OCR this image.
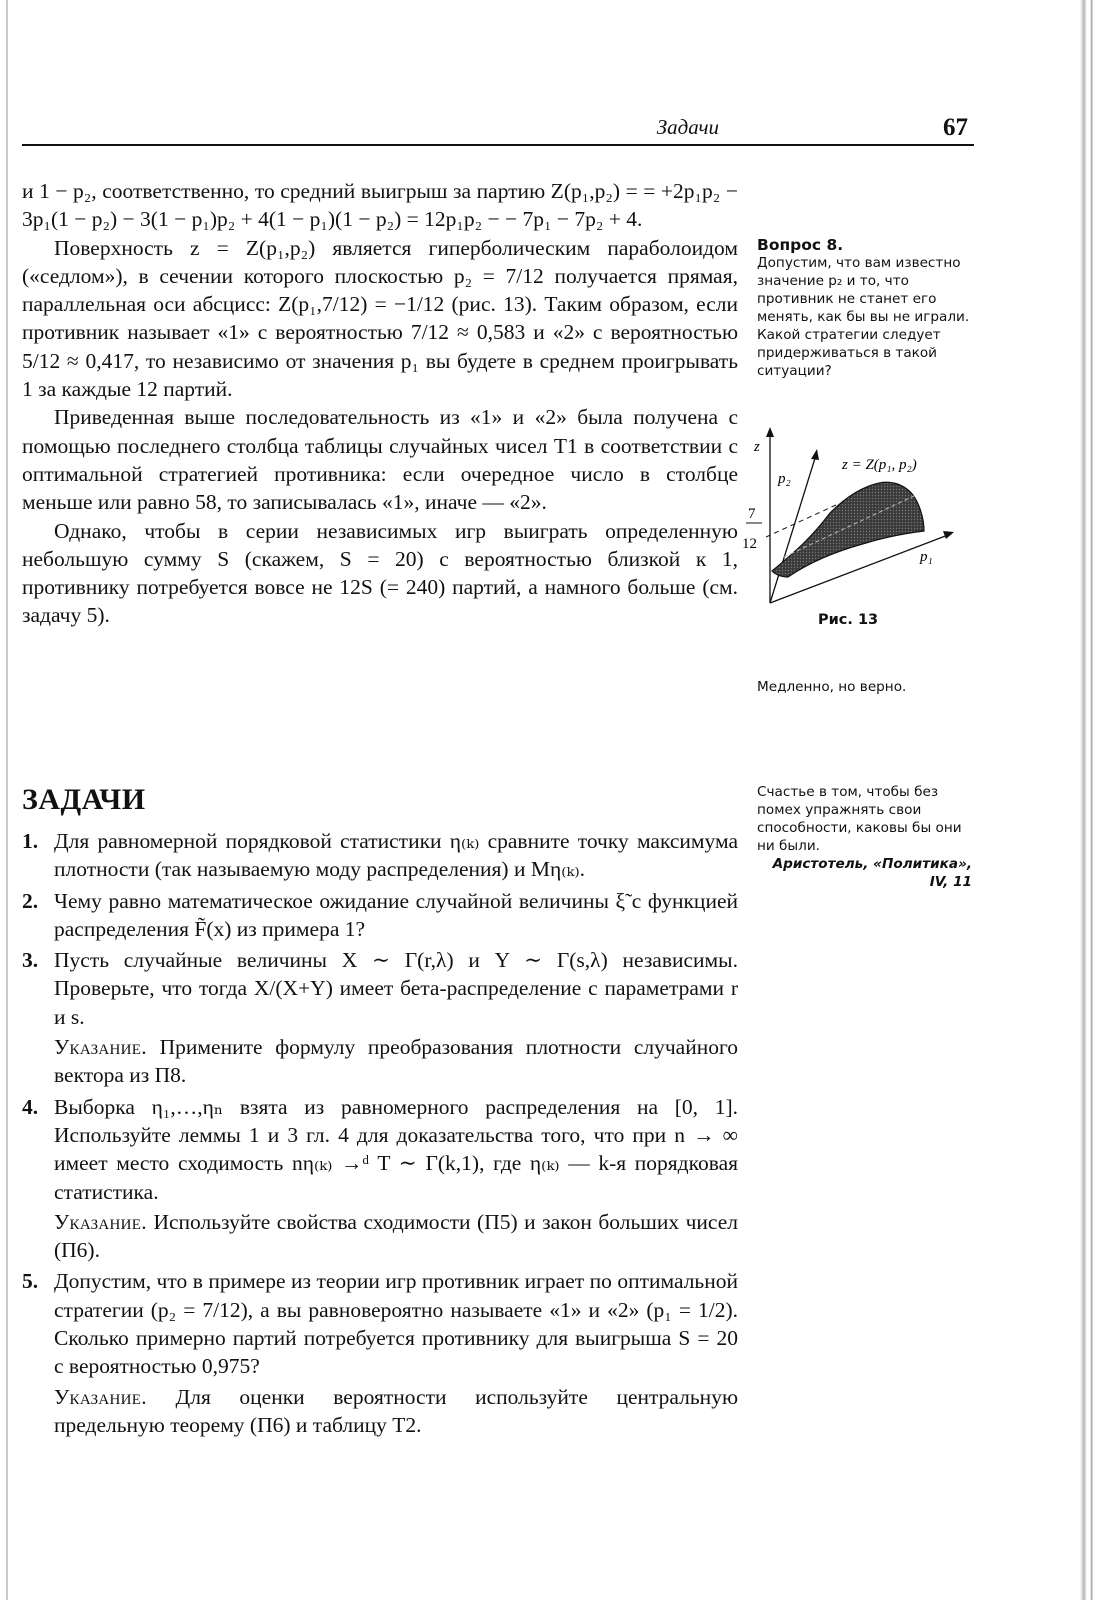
Задачи	67

и 1 − p₂, соответственно, то средний выигрыш за партию Z(p₁,p₂) = = +2p₁p₂ − 3p₁(1 − p₂) − 3(1 − p₁)p₂ + 4(1 − p₁)(1 − p₂) = 12p₁p₂ − − 7p₁ − 7p₂ + 4.

Поверхность z = Z(p₁,p₂) является гиперболическим параболоидом («седлом»), в сечении которого плоскостью p₂ = 7/12 получается прямая, параллельная оси абсцисс: Z(p₁,7/12) = −1/12 (рис. 13). Таким образом, если противник называет «1» с вероятностью 7/12 ≈ 0,583 и «2» с вероятностью 5/12 ≈ 0,417, то независимо от значения p₁ вы будете в среднем проигрывать 1 за каждые 12 партий.

Приведенная выше последовательность из «1» и «2» была получена с помощью последнего столбца таблицы случайных чисел Т1 в соответствии с оптимальной стратегией противника: если очередное число в столбце меньше или равно 58, то записывалась «1», иначе — «2».

Однако, чтобы в серии независимых игр выиграть определенную небольшую сумму S (скажем, S = 20) с вероятностью близкой к 1, противнику потребуется вовсе не 12S (= 240) партий, а намного больше (см. задачу 5).

Вопрос 8.
Допустим, что вам известно значение p₂ и то, что противник не станет его менять, как бы вы не играли. Какой стратегии следует придерживаться в такой ситуации?
z
p₂
z = Z(p₁, p₂)
p₁
7
12
Рис. 13
Медленно, но верно.
ЗАДАЧИ	Счастье в том, чтобы без помех упражнять свои способности, каковы бы они ни были.
Аристотель, «Политика», IV, 11
1. Для равномерной порядковой статистики η₍ₖ₎ сравните точку максимума плотности (так называемую моду распределения) и Mη₍ₖ₎.
2. Чему равно математическое ожидание случайной величины ξ̃ с функцией распределения F̃(x) из примера 1?
3. Пусть случайные величины X ∼ Γ(r,λ) и Y ∼ Γ(s,λ) независимы. Проверьте, что тогда X/(X+Y) имеет бета-распределение с параметрами r и s.
Указание. Примените формулу преобразования плотности случайного вектора из П8.
4. Выборка η₁,…,ηₙ взята из равномерного распределения на [0, 1]. Используйте леммы 1 и 3 гл. 4 для доказательства того, что при n → ∞ имеет место сходимость nη₍ₖ₎ →ᵈ T ∼ Γ(k,1), где η₍ₖ₎ — k-я порядковая статистика.
Указание. Используйте свойства сходимости (П5) и закон больших чисел (П6).
5. Допустим, что в примере из теории игр противник играет по оптимальной стратегии (p₂ = 7/12), а вы равновероятно называете «1» и «2» (p₁ = 1/2). Сколько примерно партий потребуется противнику для выигрыша S = 20 с вероятностью 0,975?
Указание. Для оценки вероятности используйте центральную предельную теорему (П6) и таблицу Т2.
